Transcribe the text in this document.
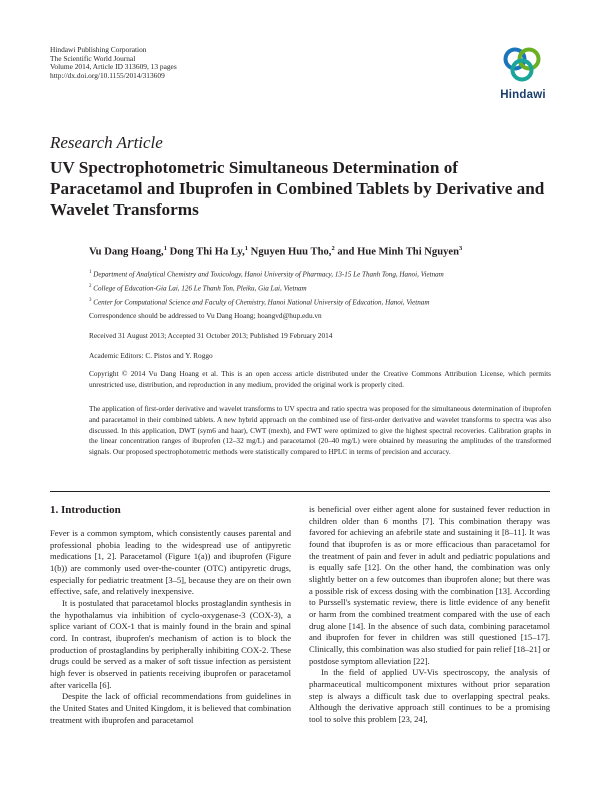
Hindawi Publishing Corporation
The Scientific World Journal
Volume 2014, Article ID 313609, 13 pages
http://dx.doi.org/10.1155/2014/313609
Hindawi
Research Article
UV Spectrophotometric Simultaneous Determination of Paracetamol and Ibuprofen in Combined Tablets by Derivative and Wavelet Transforms
Vu Dang Hoang,$^1$ Dong Thi Ha Ly,$^1$ Nguyen Huu Tho,$^2$ and Hue Minh Thi Nguyen$^3$
$^1$ Department of Analytical Chemistry and Toxicology, Hanoi University of Pharmacy, 13-15 Le Thanh Tong, Hanoi, Vietnam
$^2$ College of Education-Gia Lai, 126 Le Thanh Ton, Pleiku, Gia Lai, Vietnam
$^3$ Center for Computational Science and Faculty of Chemistry, Hanoi National University of Education, Hanoi, Vietnam
Correspondence should be addressed to Vu Dang Hoang; hoangvd@hup.edu.vn
Received 31 August 2013; Accepted 31 October 2013; Published 19 February 2014
Academic Editors: C. Pistos and Y. Roggo
Copyright © 2014 Vu Dang Hoang et al. This is an open access article distributed under the Creative Commons Attribution License, which permits unrestricted use, distribution, and reproduction in any medium, provided the original work is properly cited.
The application of first-order derivative and wavelet transforms to UV spectra and ratio spectra was proposed for the simultaneous determination of ibuprofen and paracetamol in their combined tablets. A new hybrid approach on the combined use of first-order derivative and wavelet transforms to spectra was also discussed. In this application, DWT (sym6 and haar), CWT (mexh), and FWT were optimized to give the highest spectral recoveries. Calibration graphs in the linear concentration ranges of ibuprofen (12–32 mg/L) and paracetamol (20–40 mg/L) were obtained by measuring the amplitudes of the transformed signals. Our proposed spectrophotometric methods were statistically compared to HPLC in terms of precision and accuracy.
1. Introduction

Fever is a common symptom, which consistently causes parental and professional phobia leading to the widespread use of antipyretic medications [1, 2]. Paracetamol (Figure 1(a)) and ibuprofen (Figure 1(b)) are commonly used over-the-counter (OTC) antipyretic drugs, especially for pediatric treatment [3–5], because they are on their own effective, safe, and relatively inexpensive.

It is postulated that paracetamol blocks prostaglandin synthesis in the hypothalamus via inhibition of cyclo-oxygenase-3 (COX-3), a splice variant of COX-1 that is mainly found in the brain and spinal cord. In contrast, ibuprofen's mechanism of action is to block the production of prostaglandins by peripherally inhibiting COX-2. These drugs could be served as a maker of soft tissue infection as persistent high fever is observed in patients receiving ibuprofen or paracetamol after varicella [6].

Despite the lack of official recommendations from guidelines in the United States and United Kingdom, it is believed that combination treatment with ibuprofen and paracetamol

is beneficial over either agent alone for sustained fever reduction in children older than 6 months [7]. This combination therapy was favored for achieving an afebrile state and sustaining it [8–11]. It was found that ibuprofen is as or more efficacious than paracetamol for the treatment of pain and fever in adult and pediatric populations and is equally safe [12]. On the other hand, the combination was only slightly better on a few outcomes than ibuprofen alone; but there was a possible risk of excess dosing with the combination [13]. According to Purssell's systematic review, there is little evidence of any benefit or harm from the combined treatment compared with the use of each drug alone [14]. In the absence of such data, combining paracetamol and ibuprofen for fever in children was still questioned [15–17]. Clinically, this combination was also studied for pain relief [18–21] or postdose symptom alleviation [22].

In the field of applied UV-Vis spectroscopy, the analysis of pharmaceutical multicomponent mixtures without prior separation step is always a difficult task due to overlapping spectral peaks. Although the derivative approach still continues to be a promising tool to solve this problem [23, 24],
